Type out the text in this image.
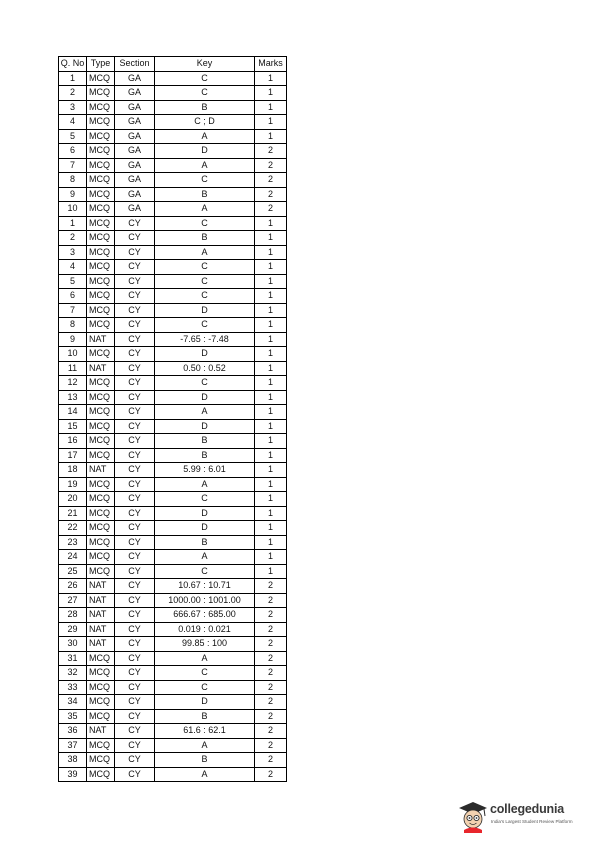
Q. No	Type	Section	Key	Marks
1	MCQ	GA	C	1
2	MCQ	GA	C	1
3	MCQ	GA	B	1
4	MCQ	GA	C ; D	1
5	MCQ	GA	A	1
6	MCQ	GA	D	2
7	MCQ	GA	A	2
8	MCQ	GA	C	2
9	MCQ	GA	B	2
10	MCQ	GA	A	2
1	MCQ	CY	C	1
2	MCQ	CY	B	1
3	MCQ	CY	A	1
4	MCQ	CY	C	1
5	MCQ	CY	C	1
6	MCQ	CY	C	1
7	MCQ	CY	D	1
8	MCQ	CY	C	1
9	NAT	CY	-7.65 : -7.48	1
10	MCQ	CY	D	1
11	NAT	CY	0.50 : 0.52	1
12	MCQ	CY	C	1
13	MCQ	CY	D	1
14	MCQ	CY	A	1
15	MCQ	CY	D	1
16	MCQ	CY	B	1
17	MCQ	CY	B	1
18	NAT	CY	5.99 : 6.01	1
19	MCQ	CY	A	1
20	MCQ	CY	C	1
21	MCQ	CY	D	1
22	MCQ	CY	D	1
23	MCQ	CY	B	1
24	MCQ	CY	A	1
25	MCQ	CY	C	1
26	NAT	CY	10.67 : 10.71	2
27	NAT	CY	1000.00 : 1001.00	2
28	NAT	CY	666.67 : 685.00	2
29	NAT	CY	0.019 : 0.021	2
30	NAT	CY	99.85 : 100	2
31	MCQ	CY	A	2
32	MCQ	CY	C	2
33	MCQ	CY	C	2
34	MCQ	CY	D	2
35	MCQ	CY	B	2
36	NAT	CY	61.6 : 62.1	2
37	MCQ	CY	A	2
38	MCQ	CY	B	2
39	MCQ	CY	A	2
collegedunia
India's Largest Student Review Platform
